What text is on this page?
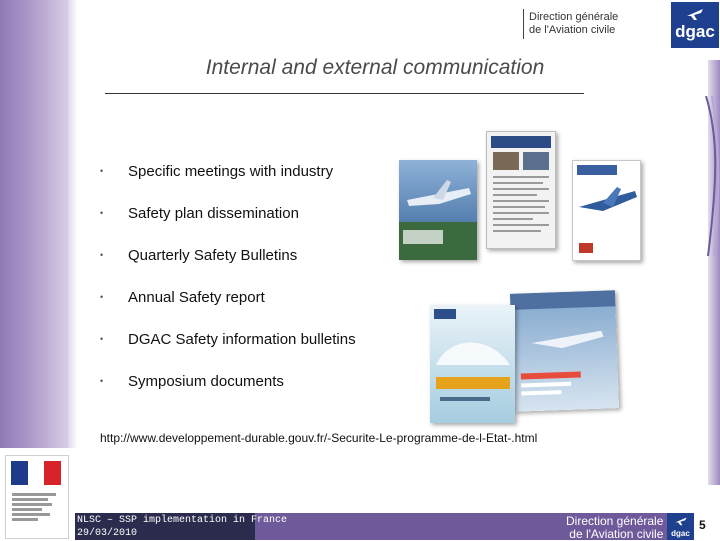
Direction générale
de l'Aviation civile	dgac
Internal and external communication
•	Specific meetings with industry
•	Safety plan dissemination
•	Quarterly Safety Bulletins
•	Annual Safety report
•	DGAC Safety information bulletins
•	Symposium documents
http://www.developpement-durable.gouv.fr/-Securite-Le-programme-de-l-Etat-.html
NLSC – SSP implementation in France
29/03/2010
Direction générale
de l'Aviation civile dgac
5
